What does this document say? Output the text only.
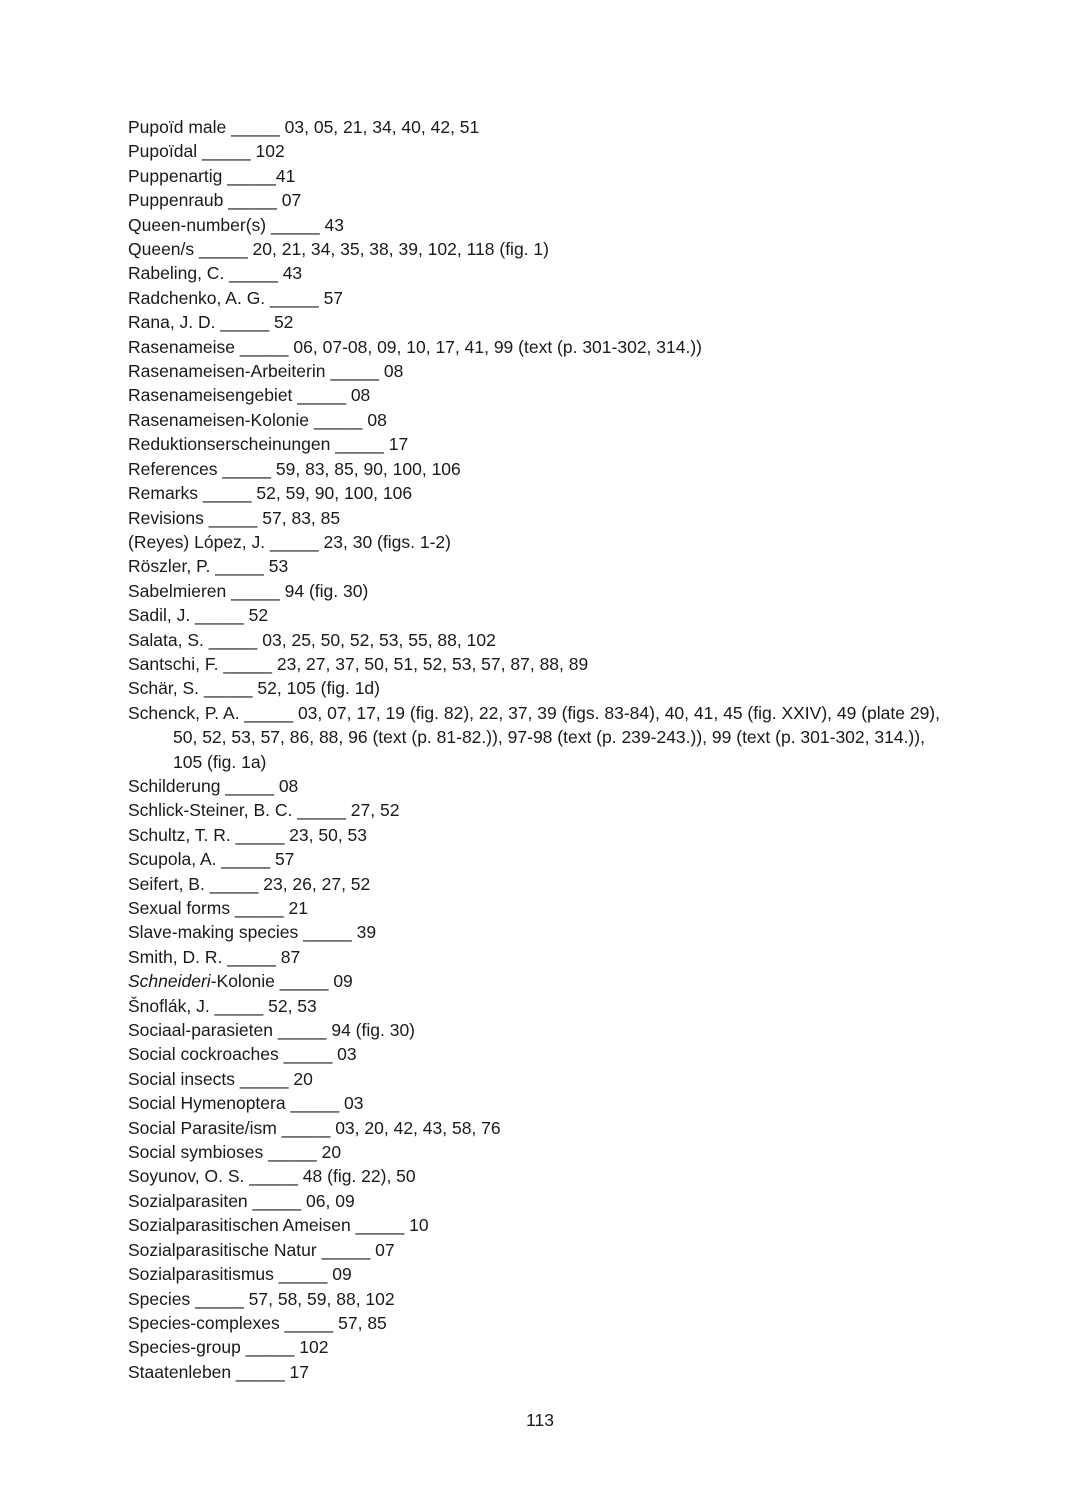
Pupoïd male _____ 03, 05, 21, 34, 40, 42, 51
Pupoïdal _____ 102
Puppenartig _____41
Puppenraub _____ 07
Queen-number(s) _____ 43
Queen/s _____ 20, 21, 34, 35, 38, 39, 102, 118 (fig. 1)
Rabeling, C. _____ 43
Radchenko, A. G. _____ 57
Rana, J. D. _____ 52
Rasenameise _____ 06, 07-08, 09, 10, 17, 41, 99 (text (p. 301-302, 314.))
Rasenameisen-Arbeiterin _____ 08
Rasenameisengebiet _____ 08
Rasenameisen-Kolonie _____ 08
Reduktionserscheinungen _____ 17
References _____ 59, 83, 85, 90, 100, 106
Remarks _____ 52, 59, 90, 100, 106
Revisions _____ 57, 83, 85
(Reyes) López, J. _____ 23, 30 (figs. 1-2)
Röszler, P. _____ 53
Sabelmieren _____ 94 (fig. 30)
Sadil, J. _____ 52
Salata, S. _____ 03, 25, 50, 52, 53, 55, 88, 102
Santschi, F. _____ 23, 27, 37, 50, 51, 52, 53, 57, 87, 88, 89
Schär, S. _____ 52, 105 (fig. 1d)
Schenck, P. A. _____ 03, 07, 17, 19 (fig. 82), 22, 37, 39 (figs. 83-84), 40, 41, 45 (fig. XXIV), 49 (plate 29), 50, 52, 53, 57, 86, 88, 96 (text (p. 81-82.)), 97-98 (text (p. 239-243.)), 99 (text (p. 301-302, 314.)), 105 (fig. 1a)
Schilderung _____ 08
Schlick-Steiner, B. C. _____ 27, 52
Schultz, T. R. _____ 23, 50, 53
Scupola, A. _____ 57
Seifert, B. _____ 23, 26, 27, 52
Sexual forms _____ 21
Slave-making species _____ 39
Smith, D. R. _____ 87
Schneideri-Kolonie _____ 09
Šnoflák, J. _____ 52, 53
Sociaal-parasieten _____ 94 (fig. 30)
Social cockroaches _____ 03
Social insects _____ 20
Social Hymenoptera _____ 03
Social Parasite/ism _____ 03, 20, 42, 43, 58, 76
Social symbioses _____ 20
Soyunov, O. S. _____ 48 (fig. 22), 50
Sozialparasiten _____ 06, 09
Sozialparasitischen Ameisen _____ 10
Sozialparasitische Natur _____ 07
Sozialparasitismus _____ 09
Species _____ 57, 58, 59, 88, 102
Species-complexes _____ 57, 85
Species-group _____ 102
Staatenleben _____ 17
113
